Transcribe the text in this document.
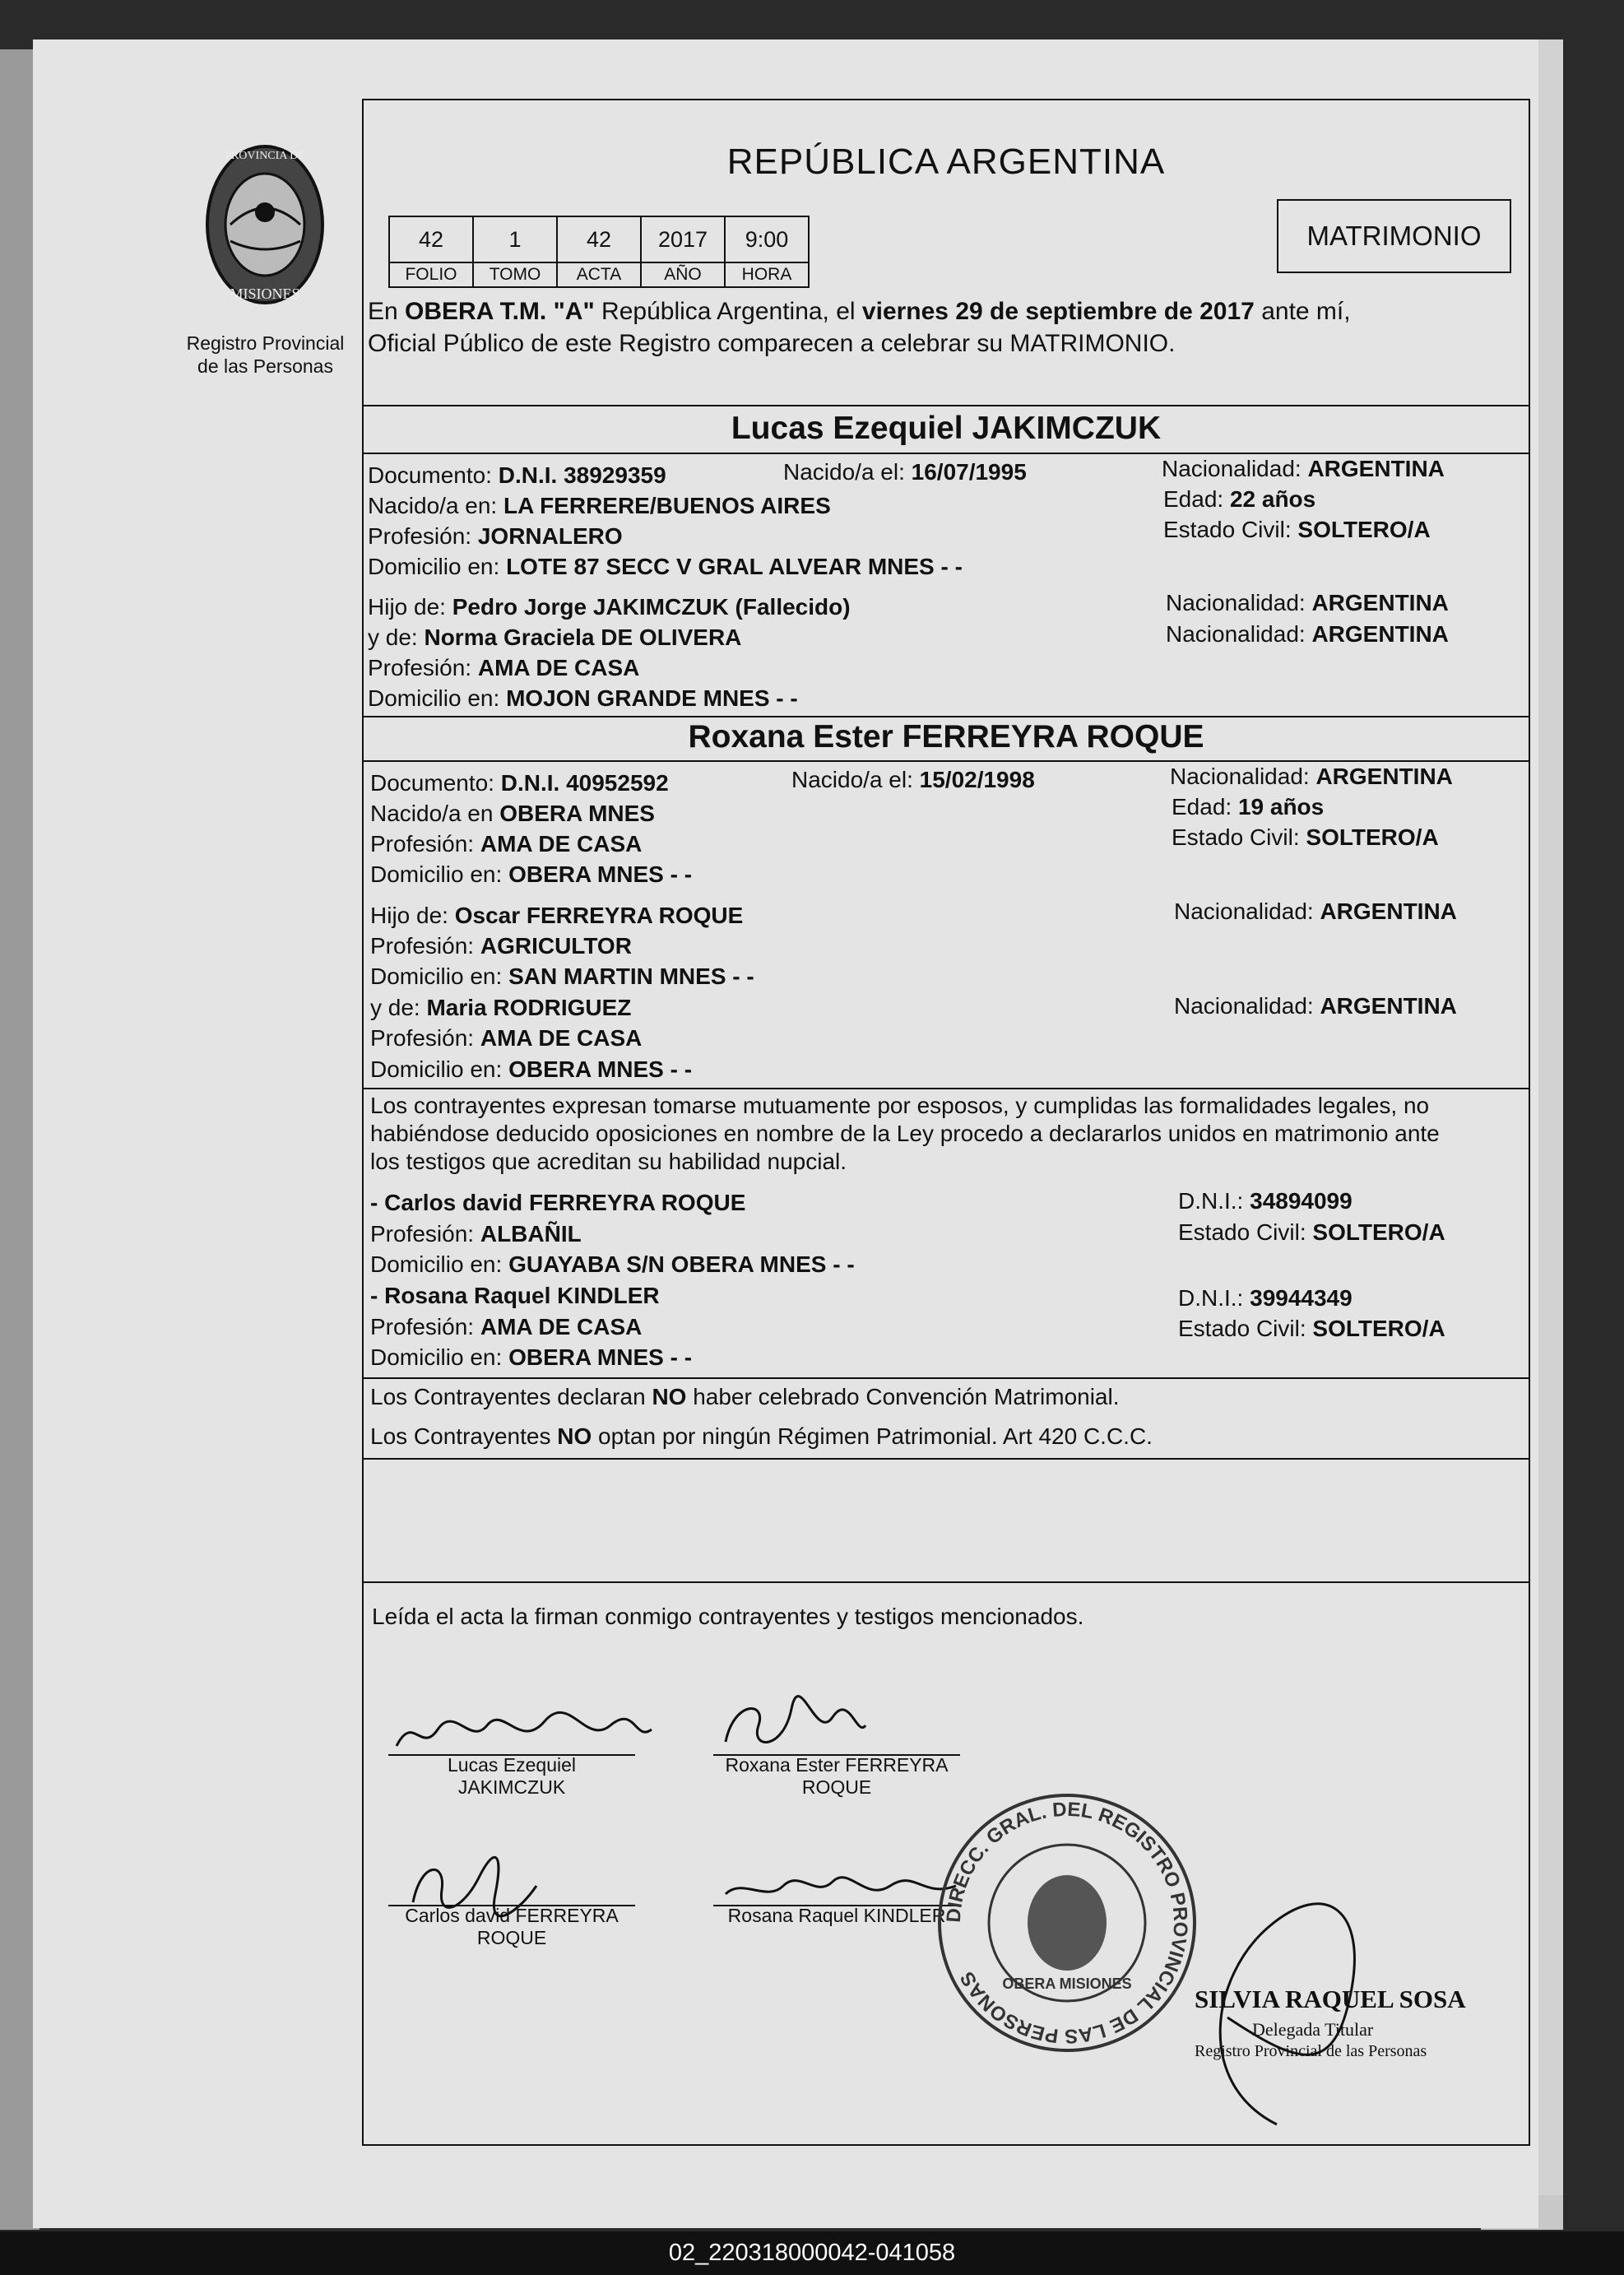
PROVINCIA DE
MISIONES
Registro Provincial
de las Personas
REPÚBLICA ARGENTINA
42	1	42	2017	9:00
FOLIO	TOMO	ACTA	AÑO	HORA
MATRIMONIO
En OBERA T.M. "A" República Argentina, el viernes 29 de septiembre de 2017 ante mí,
Oficial Público de este Registro comparecen a celebrar su MATRIMONIO.
Lucas Ezequiel JAKIMCZUK
Documento: D.N.I. 38929359	Nacido/a el: 16/07/1995	Nacionalidad: ARGENTINA
Nacido/a en: LA FERRERE/BUENOS AIRES	Edad: 22 años
Profesión: JORNALERO	Estado Civil: SOLTERO/A
Domicilio en: LOTE 87 SECC V GRAL ALVEAR MNES - -
Hijo de: Pedro Jorge JAKIMCZUK (Fallecido)	Nacionalidad: ARGENTINA
y de: Norma Graciela DE OLIVERA	Nacionalidad: ARGENTINA
Profesión: AMA DE CASA
Domicilio en: MOJON GRANDE MNES - -
Roxana Ester FERREYRA ROQUE
Documento: D.N.I. 40952592	Nacido/a el: 15/02/1998	Nacionalidad: ARGENTINA
Nacido/a en OBERA MNES	Edad: 19 años
Profesión: AMA DE CASA	Estado Civil: SOLTERO/A
Domicilio en: OBERA MNES - -
Hijo de: Oscar FERREYRA ROQUE	Nacionalidad: ARGENTINA
Profesión: AGRICULTOR
Domicilio en: SAN MARTIN MNES - -
y de: Maria RODRIGUEZ	Nacionalidad: ARGENTINA
Profesión: AMA DE CASA
Domicilio en: OBERA MNES - -
Los contrayentes expresan tomarse mutuamente por esposos, y cumplidas las formalidades legales, no
habiéndose deducido oposiciones en nombre de la Ley procedo a declararlos unidos en matrimonio ante
los testigos que acreditan su habilidad nupcial.
- Carlos david FERREYRA ROQUE	D.N.I.: 34894099
Profesión: ALBAÑIL	Estado Civil: SOLTERO/A
Domicilio en: GUAYABA S/N OBERA MNES - -
- Rosana Raquel KINDLER	D.N.I.: 39944349
Profesión: AMA DE CASA	Estado Civil: SOLTERO/A
Domicilio en: OBERA MNES - -
Los Contrayentes declaran NO haber celebrado Convención Matrimonial.
Los Contrayentes NO optan por ningún Régimen Patrimonial. Art 420 C.C.C.
Leída el acta la firman conmigo contrayentes y testigos mencionados.
Lucas Ezequiel
JAKIMCZUK
Roxana Ester FERREYRA
ROQUE
Carlos david FERREYRA
ROQUE
Rosana Raquel KINDLER
DIRECC. GRAL. DEL REGISTRO PROVINCIAL DE LAS PERSONAS	OBERA MISIONES
SILVIA RAQUEL SOSA
Delegada Titular
Registro Provincial de las Personas
02_220318000042-041058
